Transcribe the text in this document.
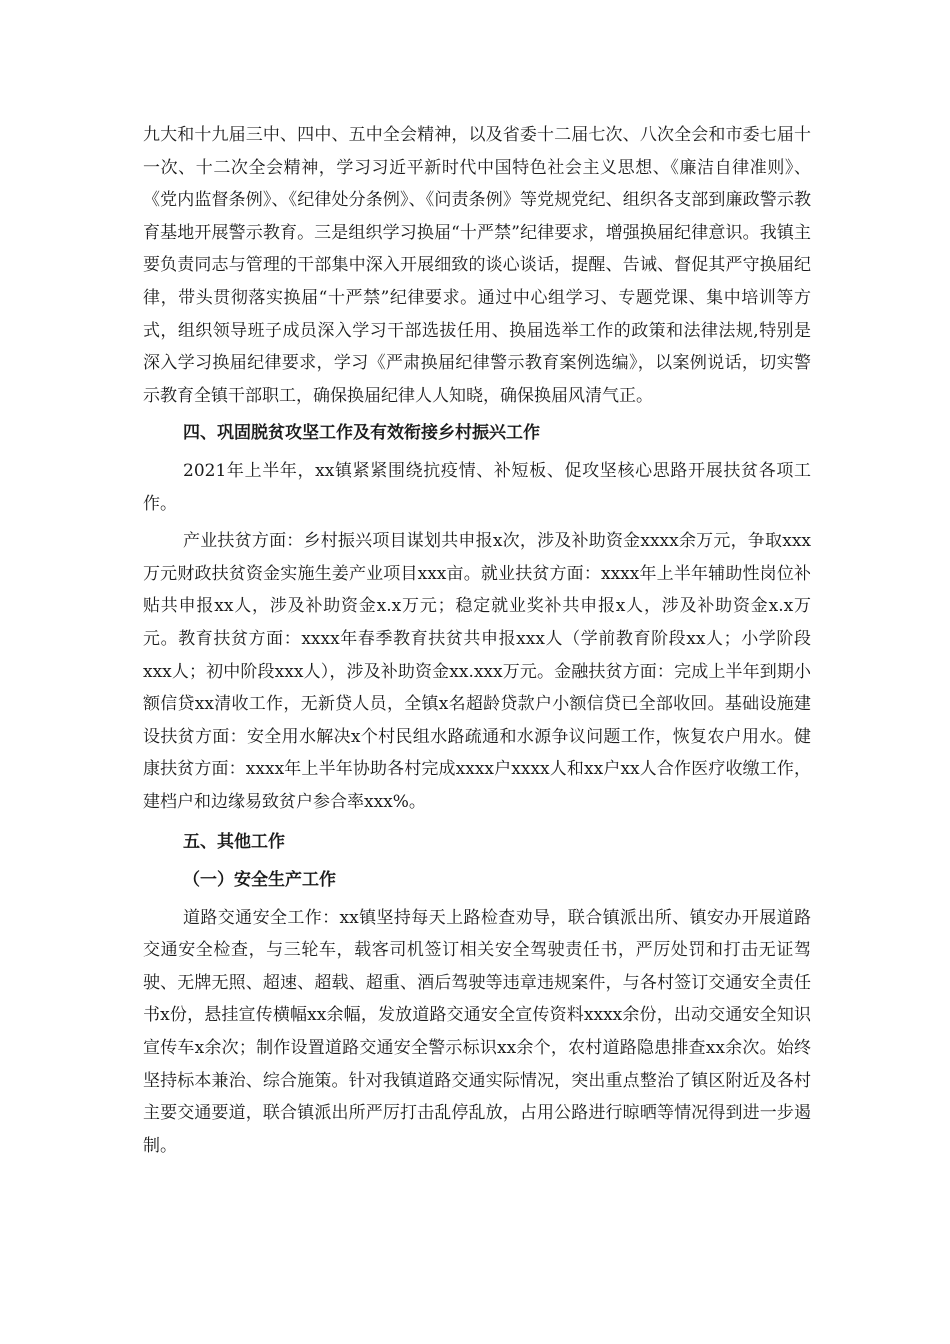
九大和十九届三中、四中、五中全会精神，以及省委十二届七次、八次全会和市委七届十一次、十二次全会精神，学习习近平新时代中国特色社会主义思想、《廉洁自律准则》、《党内监督条例》、《纪律处分条例》、《问责条例》等党规党纪、组织各支部到廉政警示教育基地开展警示教育。三是组织学习换届“十严禁”纪律要求，增强换届纪律意识。我镇主要负责同志与管理的干部集中深入开展细致的谈心谈话，提醒、告诫、督促其严守换届纪律，带头贯彻落实换届“十严禁”纪律要求。通过中心组学习、专题党课、集中培训等方式，组织领导班子成员深入学习干部选拔任用、换届选举工作的政策和法律法规,特别是深入学习换届纪律要求，学习《严肃换届纪律警示教育案例选编》，以案例说话，切实警示教育全镇干部职工，确保换届纪律人人知晓，确保换届风清气正。

四、巩固脱贫攻坚工作及有效衔接乡村振兴工作

2021年上半年，xx镇紧紧围绕抗疫情、补短板、促攻坚核心思路开展扶贫各项工作。

产业扶贫方面：乡村振兴项目谋划共申报x次，涉及补助资金xxxx余万元，争取xxx万元财政扶贫资金实施生姜产业项目xxx亩。就业扶贫方面：xxxx年上半年辅助性岗位补贴共申报xx人，涉及补助资金x.x万元；稳定就业奖补共申报x人，涉及补助资金x.x万元。教育扶贫方面：xxxx年春季教育扶贫共申报xxx人（学前教育阶段xx人；小学阶段xxx人；初中阶段xxx人），涉及补助资金xx.xxx万元。金融扶贫方面：完成上半年到期小额信贷xx清收工作，无新贷人员，全镇x名超龄贷款户小额信贷已全部收回。基础设施建设扶贫方面：安全用水解决x个村民组水路疏通和水源争议问题工作，恢复农户用水。健康扶贫方面：xxxx年上半年协助各村完成xxxx户xxxx人和xx户xx人合作医疗收缴工作，建档户和边缘易致贫户参合率xxx%。

五、其他工作

（一）安全生产工作

道路交通安全工作：xx镇坚持每天上路检查劝导，联合镇派出所、镇安办开展道路交通安全检查，与三轮车，载客司机签订相关安全驾驶责任书，严厉处罚和打击无证驾驶、无牌无照、超速、超载、超重、酒后驾驶等违章违规案件，与各村签订交通安全责任书x份，悬挂宣传横幅xx余幅，发放道路交通安全宣传资料xxxx余份，出动交通安全知识宣传车x余次；制作设置道路交通安全警示标识xx余个，农村道路隐患排查xx余次。始终坚持标本兼治、综合施策。针对我镇道路交通实际情况，突出重点整治了镇区附近及各村主要交通要道，联合镇派出所严厉打击乱停乱放，占用公路进行晾晒等情况得到进一步遏制。
